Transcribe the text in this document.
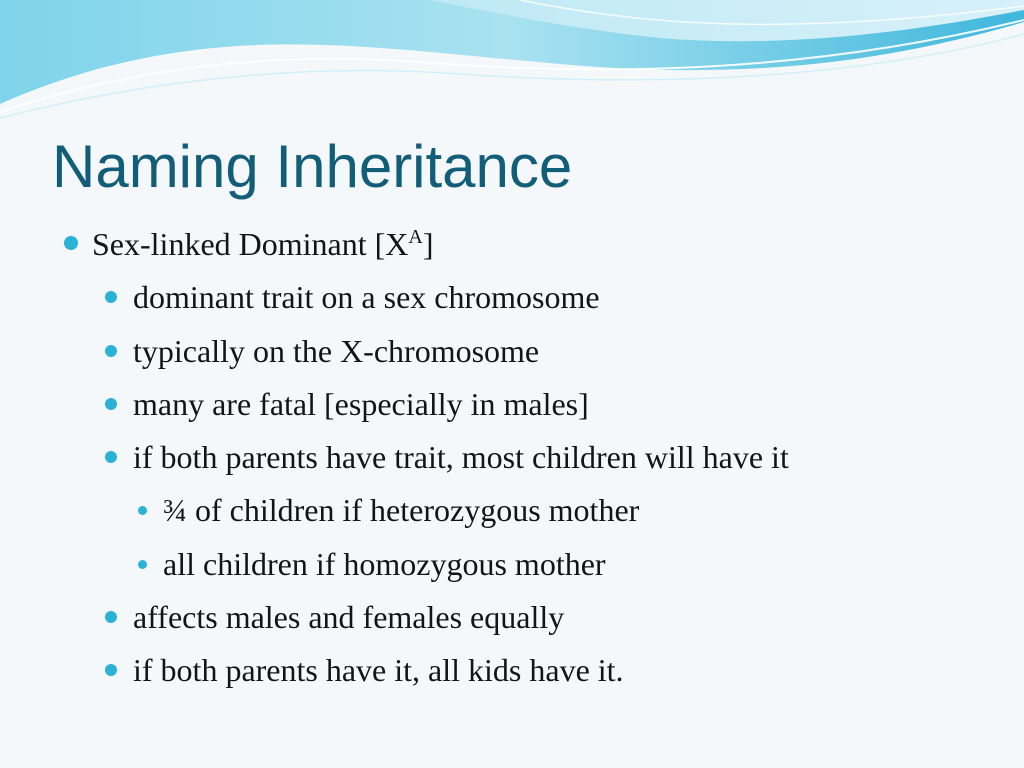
Naming Inheritance
Sex-linked Dominant $[X^A]$
dominant trait on a sex chromosome
typically on the X-chromosome
many are fatal [especially in males]
if both parents have trait, most children will have it
¾ of children if heterozygous mother
all children if homozygous mother
affects males and females equally
if both parents have it, all kids have it.
